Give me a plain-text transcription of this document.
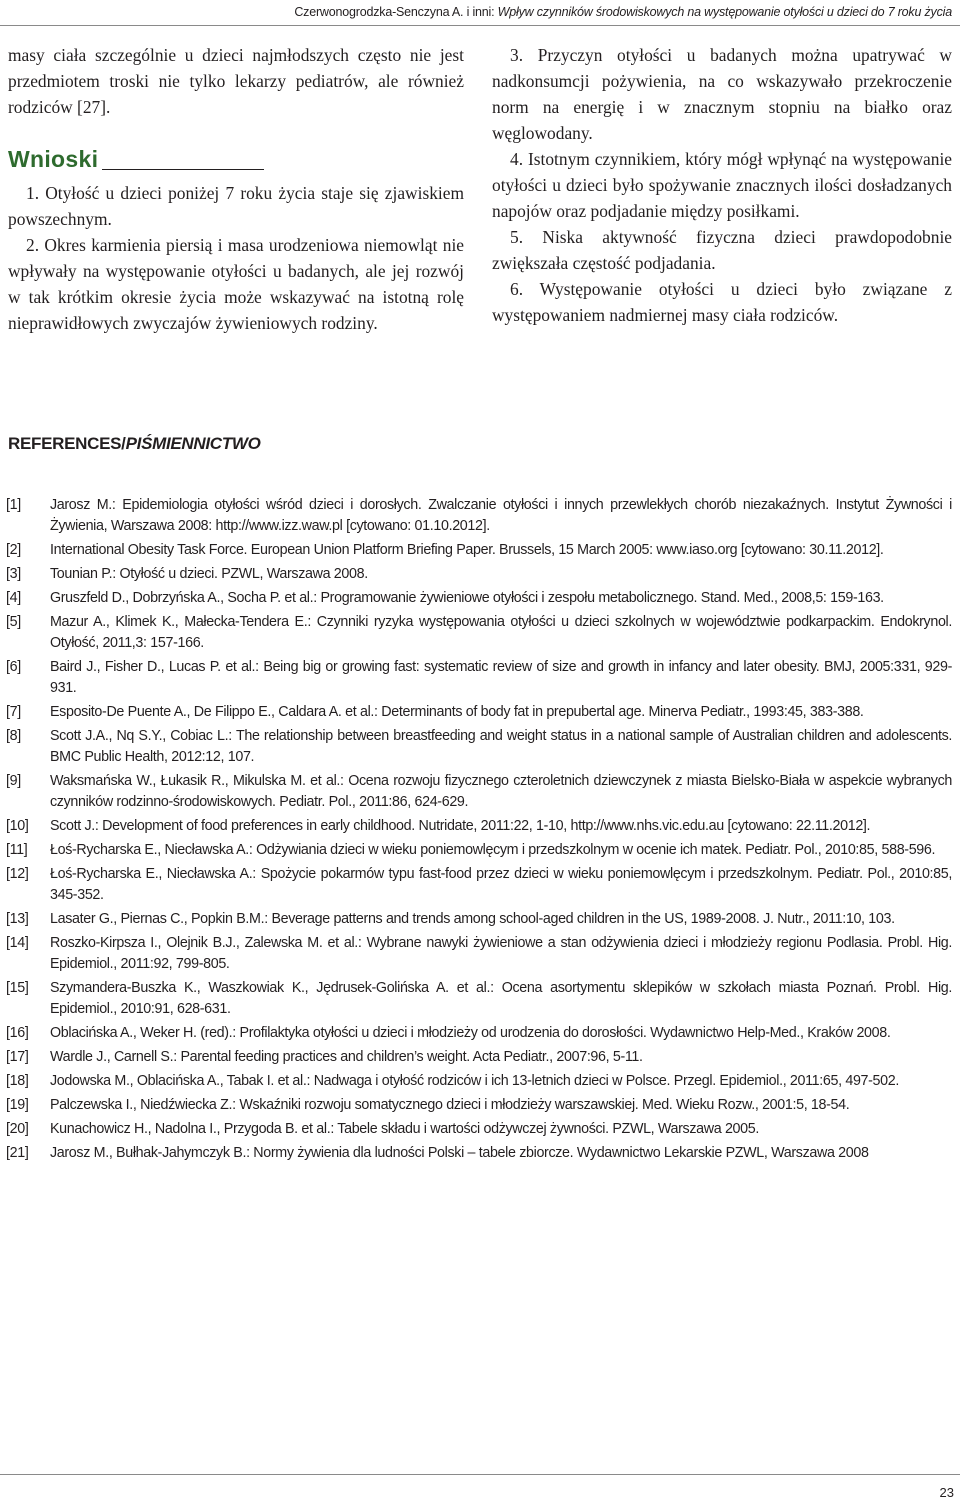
Czerwonogrodzka-Senczyna A. i inni: Wpływ czynników środowiskowych na występowanie otyłości u dzieci do 7 roku życia

masy ciała szczególnie u dzieci najmłodszych często nie jest przedmiotem troski nie tylko lekarzy pediatrów, ale również rodziców [27].

Wnioski

1. Otyłość u dzieci poniżej 7 roku życia staje się zjawiskiem powszechnym.

2. Okres karmienia piersią i masa urodzeniowa niemowląt nie wpływały na występowanie otyłości u badanych, ale jej rozwój w tak krótkim okresie życia może wskazywać na istotną rolę nieprawidłowych zwyczajów żywieniowych rodziny.

3. Przyczyn otyłości u badanych można upatrywać w nadkonsumcji pożywienia, na co wskazywało przekroczenie norm na energię i w znacznym stopniu na białko oraz węglowodany.

4. Istotnym czynnikiem, który mógł wpłynąć na występowanie otyłości u dzieci było spożywanie znacznych ilości dosładzanych napojów oraz podjadanie między posiłkami.

5. Niska aktywność fizyczna dzieci prawdopodobnie zwiększała częstość podjadania.

6. Występowanie otyłości u dzieci było związane z występowaniem nadmiernej masy ciała rodziców.

REFERENCES/PIŚMIENNICTWO
[1]	Jarosz M.: Epidemiologia otyłości wśród dzieci i dorosłych. Zwalczanie otyłości i innych przewlekłych chorób niezakaźnych. Instytut Żywności i Żywienia, Warszawa 2008: http://www.izz.waw.pl [cytowano: 01.10.2012].
[2]	International Obesity Task Force. European Union Platform Briefing Paper. Brussels, 15 March 2005: www.iaso.org [cytowano: 30.11.2012].
[3]	Tounian P.: Otyłość u dzieci. PZWL, Warszawa 2008.
[4]	Gruszfeld D., Dobrzyńska A., Socha P. et al.: Programowanie żywieniowe otyłości i zespołu metabolicznego. Stand. Med., 2008,5: 159-163.
[5]	Mazur A., Klimek K., Małecka-Tendera E.: Czynniki ryzyka występowania otyłości u dzieci szkolnych w województwie podkarpackim. Endokrynol. Otyłość, 2011,3: 157-166.
[6]	Baird J., Fisher D., Lucas P. et al.: Being big or growing fast: systematic review of size and growth in infancy and later obesity. BMJ, 2005:331, 929-931.
[7]	Esposito-De Puente A., De Filippo E., Caldara A. et al.: Determinants of body fat in prepubertal age. Minerva Pediatr., 1993:45, 383-388.
[8]	Scott J.A., Nq S.Y., Cobiac L.: The relationship between breastfeeding and weight status in a national sample of Australian children and adolescents. BMC Public Health, 2012:12, 107.
[9]	Waksmańska W., Łukasik R., Mikulska M. et al.: Ocena rozwoju fizycznego czteroletnich dziewczynek z miasta Bielsko-Biała w aspekcie wybranych czynników rodzinno-środowiskowych. Pediatr. Pol., 2011:86, 624-629.
[10]	Scott J.: Development of food preferences in early childhood. Nutridate, 2011:22, 1-10, http://www.nhs.vic.edu.au [cytowano: 22.11.2012].
[11]	Łoś-Rycharska E., Niecławska A.: Odżywiania dzieci w wieku poniemowlęcym i przedszkolnym w ocenie ich matek. Pediatr. Pol., 2010:85, 588-596.
[12]	Łoś-Rycharska E., Niecławska A.: Spożycie pokarmów typu fast-food przez dzieci w wieku poniemowlęcym i przedszkolnym. Pediatr. Pol., 2010:85, 345-352.
[13]	Lasater G., Piernas C., Popkin B.M.: Beverage patterns and trends among school-aged children in the US, 1989-2008. J. Nutr., 2011:10, 103.
[14]	Roszko-Kirpsza I., Olejnik B.J., Zalewska M. et al.: Wybrane nawyki żywieniowe a stan odżywienia dzieci i młodzieży regionu Podlasia. Probl. Hig. Epidemiol., 2011:92, 799-805.
[15]	Szymandera-Buszka K., Waszkowiak K., Jędrusek-Golińska A. et al.: Ocena asortymentu sklepików w szkołach miasta Poznań. Probl. Hig. Epidemiol., 2010:91, 628-631.
[16]	Oblacińska A., Weker H. (red).: Profilaktyka otyłości u dzieci i młodzieży od urodzenia do dorosłości. Wydawnictwo Help-Med., Kraków 2008.
[17]	Wardle J., Carnell S.: Parental feeding practices and children’s weight. Acta Pediatr., 2007:96, 5-11.
[18]	Jodowska M., Oblacińska A., Tabak I. et al.: Nadwaga i otyłość rodziców i ich 13-letnich dzieci w Polsce. Przegl. Epidemiol., 2011:65, 497-502.
[19]	Palczewska I., Niedźwiecka Z.: Wskaźniki rozwoju somatycznego dzieci i młodzieży warszawskiej. Med. Wieku Rozw., 2001:5, 18-54.
[20]	Kunachowicz H., Nadolna I., Przygoda B. et al.: Tabele składu i wartości odżywczej żywności. PZWL, Warszawa 2005.
[21]	Jarosz M., Bułhak-Jahymczyk B.: Normy żywienia dla ludności Polski – tabele zbiorcze. Wydawnictwo Lekarskie PZWL, Warszawa 2008
23
